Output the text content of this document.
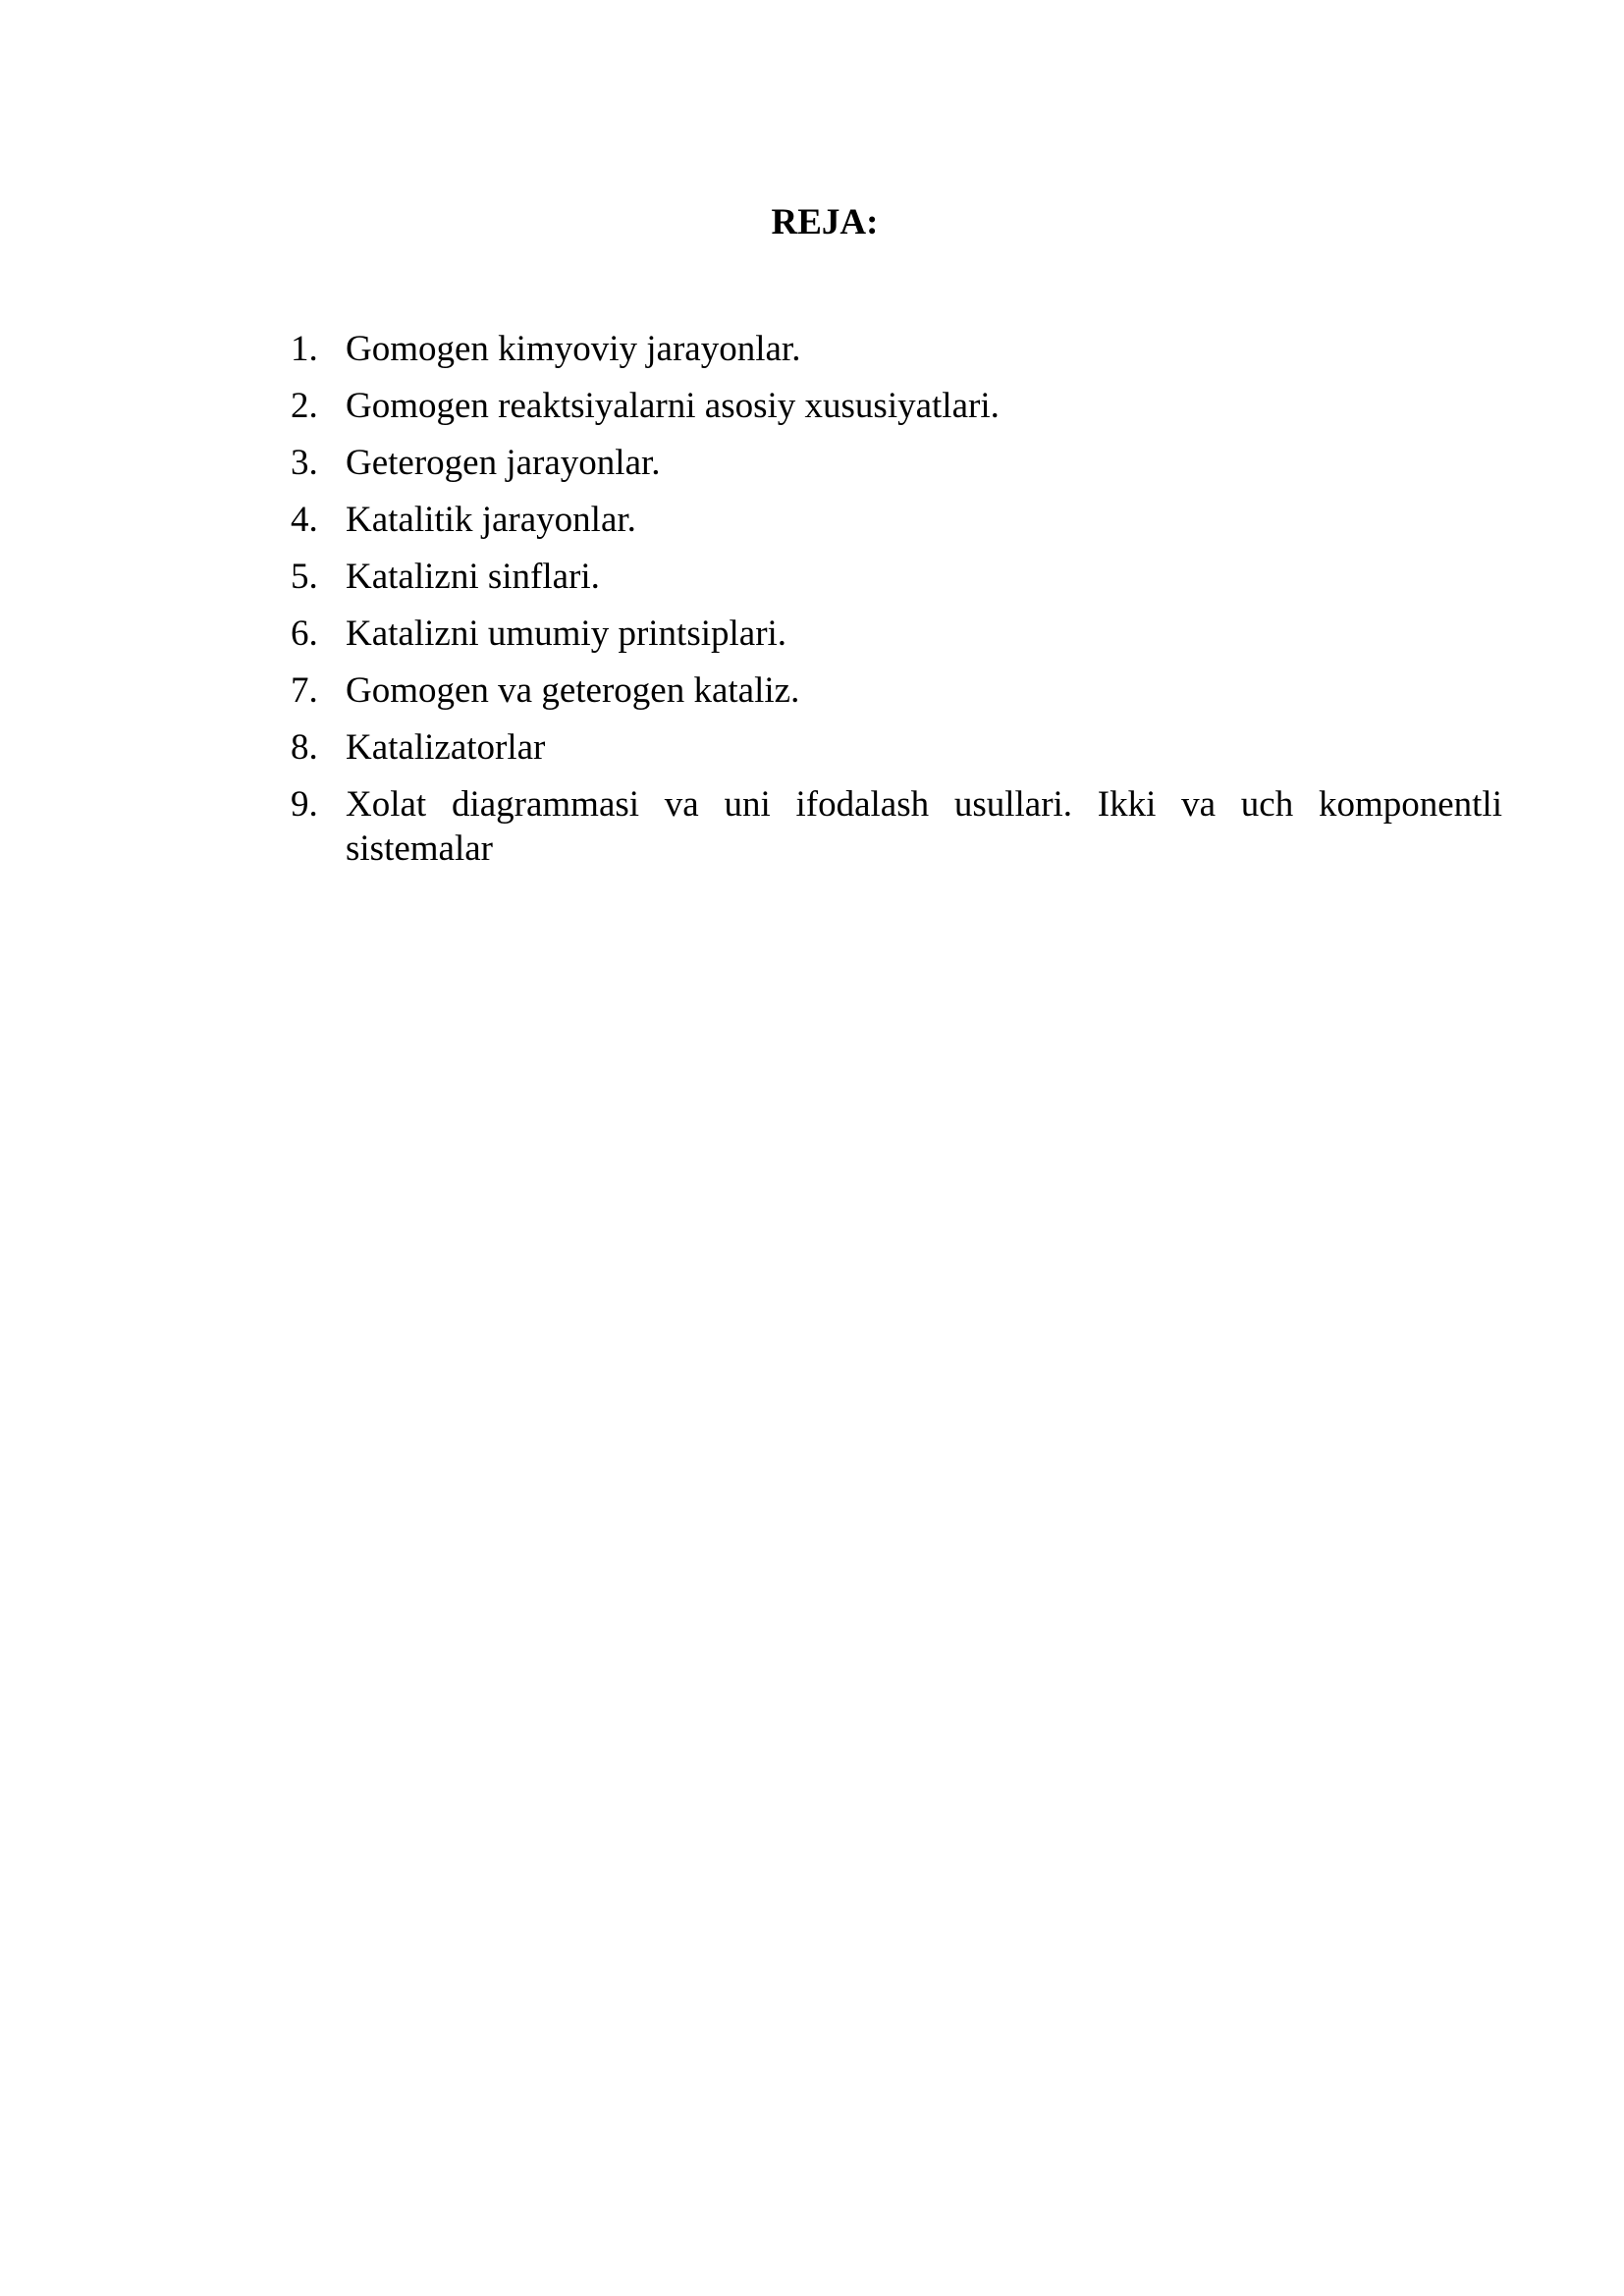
REJA:
1. Gomogen kimyoviy jarayonlar.
2. Gomogen reaktsiyalarni asosiy xususiyatlari.
3. Geterogen jarayonlar.
4. Katalitik jarayonlar.
5. Katalizni sinflari.
6. Katalizni umumiy printsiplari.
7. Gomogen va geterogen kataliz.
8. Katalizatorlar
9. Xolat diagrammasi va uni ifodalash usullari. Ikki va uch komponentli sistemalar
